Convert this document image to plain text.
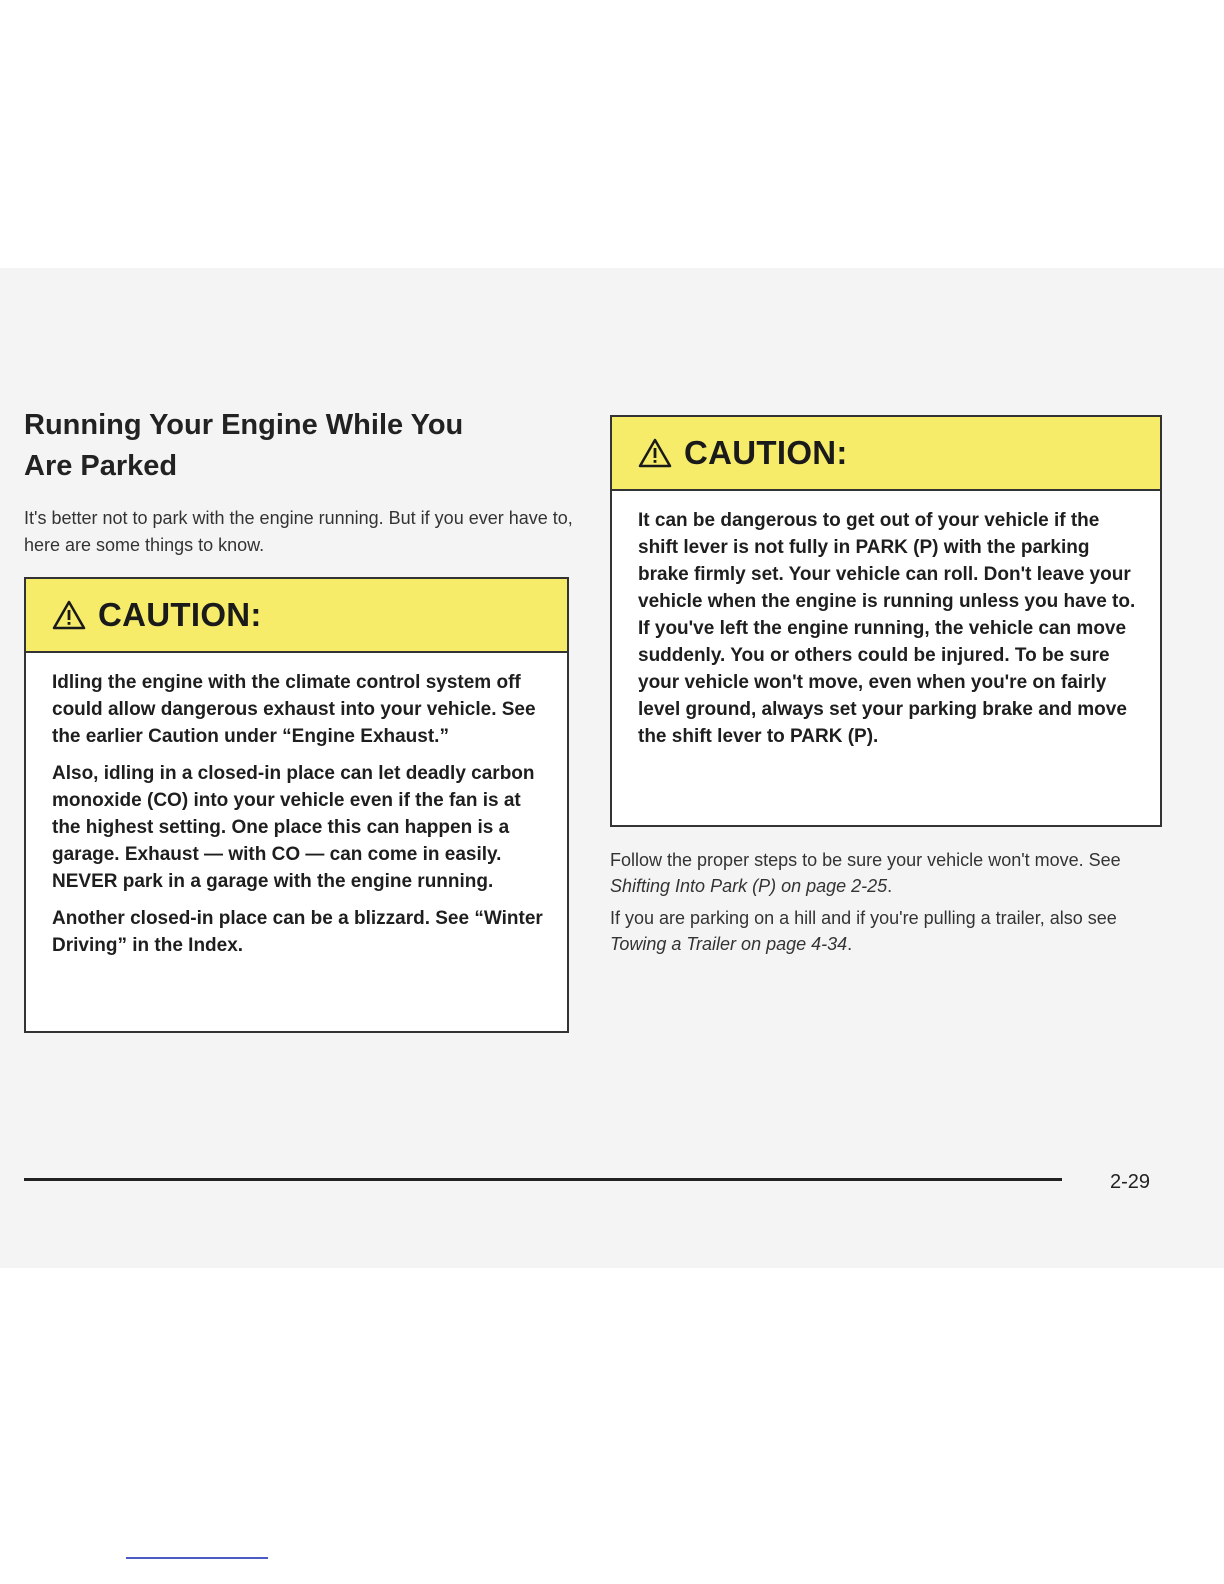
Running Your Engine While You
Are Parked

It's better not to park with the engine running. But if you ever have to, here are some things to know.

CAUTION:

Idling the engine with the climate control system off could allow dangerous exhaust into your vehicle. See the earlier Caution under “Engine Exhaust.”

Also, idling in a closed-in place can let deadly carbon monoxide (CO) into your vehicle even if the fan is at the highest setting. One place this can happen is a garage. Exhaust — with CO — can come in easily. NEVER park in a garage with the engine running.

Another closed-in place can be a blizzard. See “Winter Driving” in the Index.

CAUTION:

It can be dangerous to get out of your vehicle if the shift lever is not fully in PARK (P) with the parking brake firmly set. Your vehicle can roll. Don't leave your vehicle when the engine is running unless you have to. If you've left the engine running, the vehicle can move suddenly. You or others could be injured. To be sure your vehicle won't move, even when you're on fairly level ground, always set your parking brake and move the shift lever to PARK (P).

Follow the proper steps to be sure your vehicle won't move. See Shifting Into Park (P) on page 2-25.

If you are parking on a hill and if you're pulling a trailer, also see Towing a Trailer on page 4-34.

2-29
